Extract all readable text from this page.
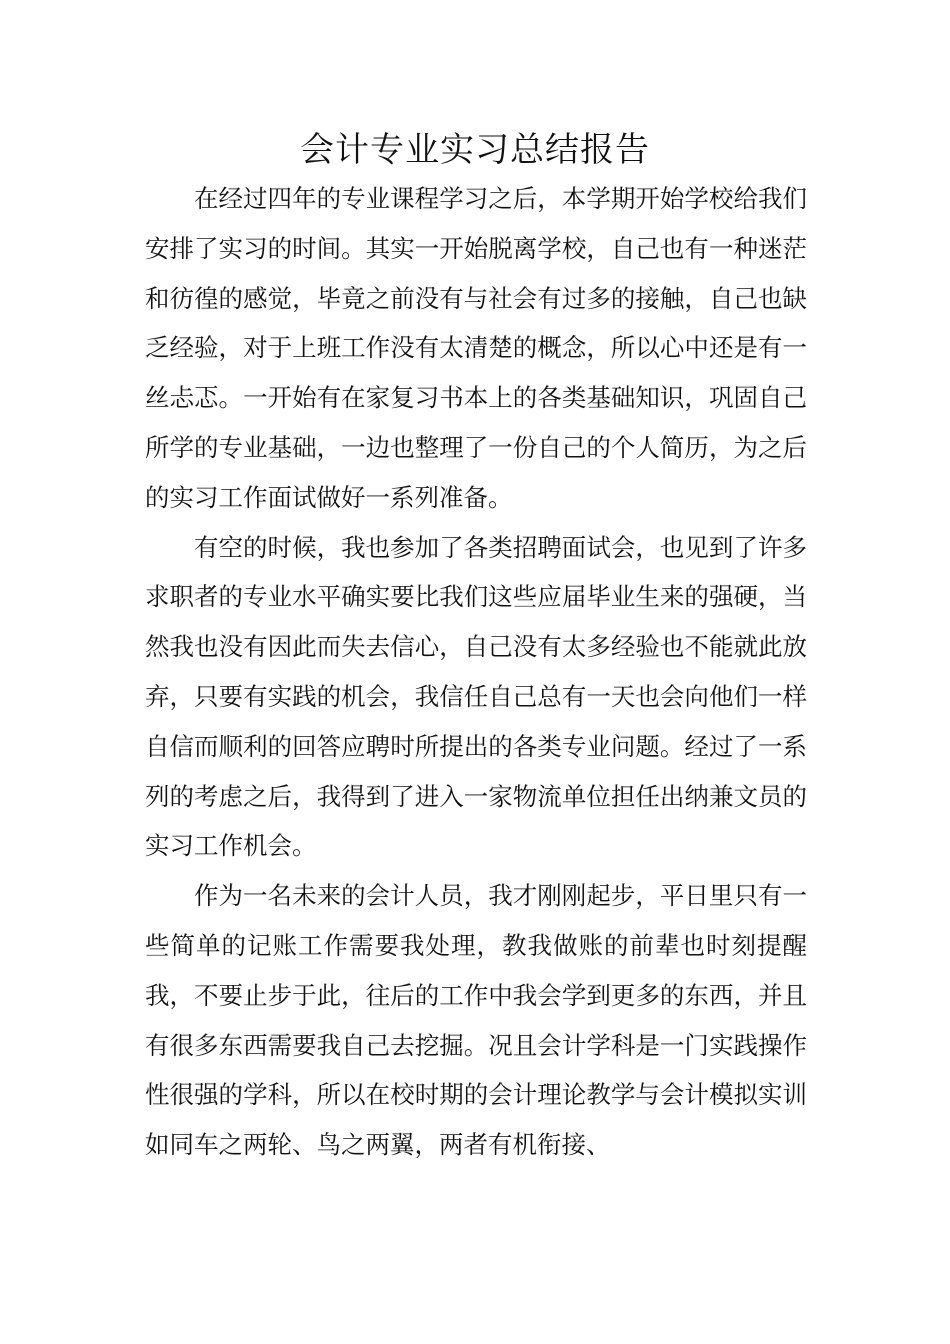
会计专业实习总结报告

在经过四年的专业课程学习之后，本学期开始学校给我们安排了实习的时间。其实一开始脱离学校，自己也有一种迷茫和彷徨的感觉，毕竟之前没有与社会有过多的接触，自己也缺乏经验，对于上班工作没有太清楚的概念，所以心中还是有一丝忐忑。一开始有在家复习书本上的各类基础知识，巩固自己所学的专业基础，一边也整理了一份自己的个人简历，为之后的实习工作面试做好一系列准备。

有空的时候，我也参加了各类招聘面试会，也见到了许多求职者的专业水平确实要比我们这些应届毕业生来的强硬，当然我也没有因此而失去信心，自己没有太多经验也不能就此放弃，只要有实践的机会，我信任自己总有一天也会向他们一样自信而顺利的回答应聘时所提出的各类专业问题。经过了一系列的考虑之后，我得到了进入一家物流单位担任出纳兼文员的实习工作机会。

作为一名未来的会计人员，我才刚刚起步，平日里只有一些简单的记账工作需要我处理，教我做账的前辈也时刻提醒我，不要止步于此，往后的工作中我会学到更多的东西，并且有很多东西需要我自己去挖掘。况且会计学科是一门实践操作性很强的学科，所以在校时期的会计理论教学与会计模拟实训如同车之两轮、鸟之两翼，两者有机衔接、
